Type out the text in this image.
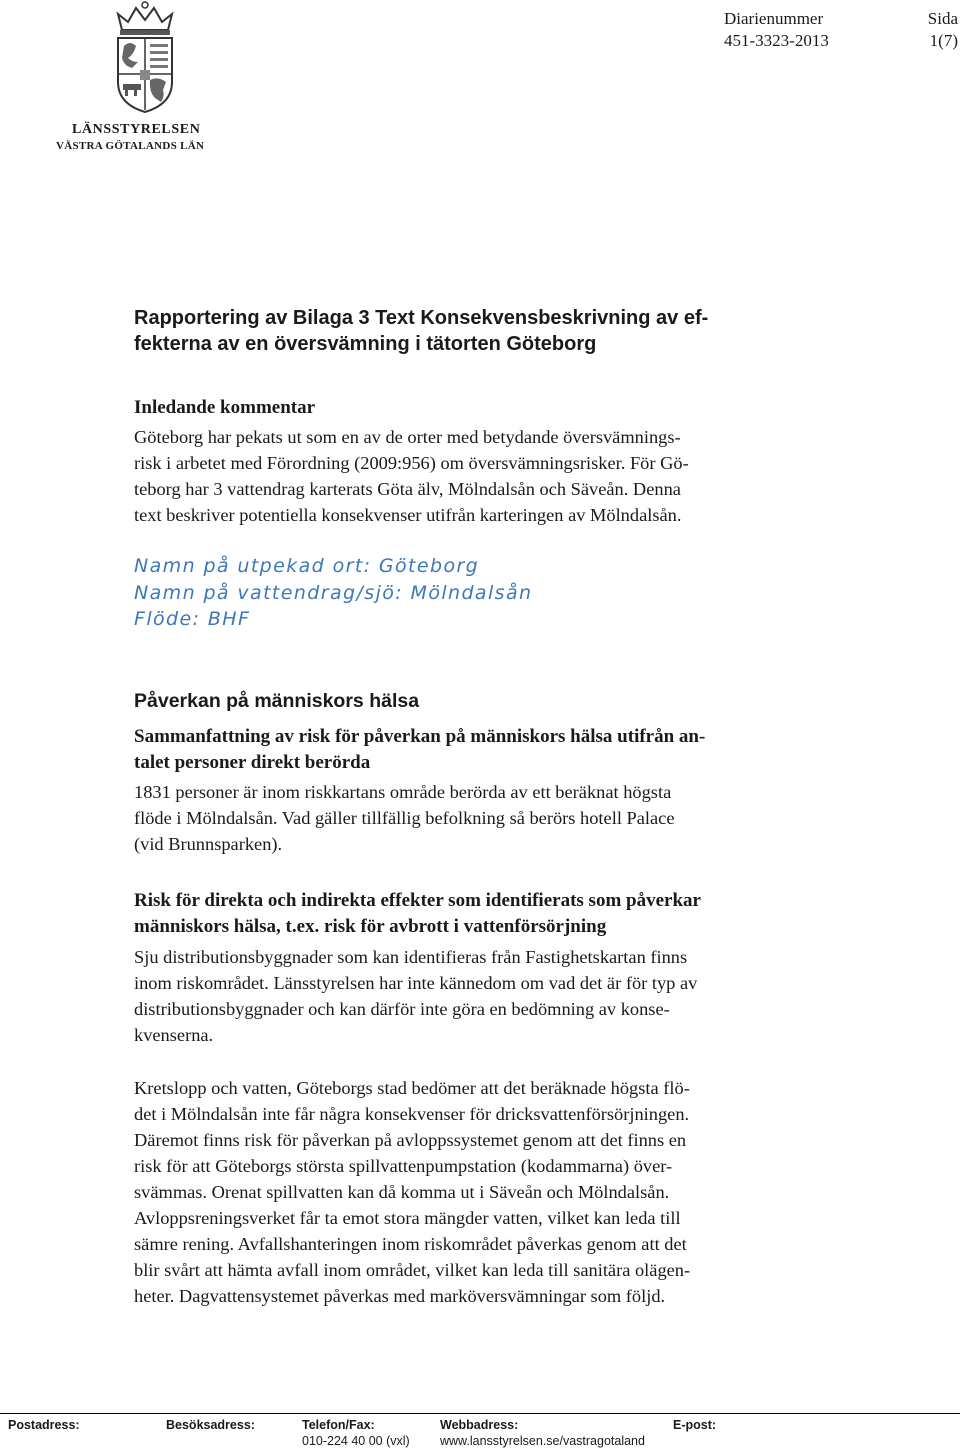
LÄNSSTYRELSEN
VÄSTRA GÖTALANDS LÄN
Diarienummer
451-3323-2013
Sida
1(7)
Rapportering av Bilaga 3 Text Konsekvensbeskrivning av ef-
fekterna av en översvämning i tätorten Göteborg
Inledande kommentar

Göteborg har pekats ut som en av de orter med betydande översvämnings-

risk i arbetet med Förordning (2009:956) om översvämningsrisker. För Gö-

teborg har 3 vattendrag karterats Göta älv, Mölndalsån och Säveån. Denna

text beskriver potentiella konsekvenser utifrån karteringen av Mölndalsån.

Namn på utpekad ort: Göteborg
Namn på vattendrag/sjö: Mölndalsån
Flöde: BHF
Påverkan på människors hälsa
Sammanfattning av risk för påverkan på människors hälsa utifrån an-
talet personer direkt berörda

1831 personer är inom riskkartans område berörda av ett beräknat högsta

flöde i Mölndalsån. Vad gäller tillfällig befolkning så berörs hotell Palace

(vid Brunnsparken).

Risk för direkta och indirekta effekter som identifierats som påverkar
människors hälsa, t.ex. risk för avbrott i vattenförsörjning

Sju distributionsbyggnader som kan identifieras från Fastighetskartan finns

inom riskområdet. Länsstyrelsen har inte kännedom om vad det är för typ av

distributionsbyggnader och kan därför inte göra en bedömning av konse-

kvenserna.

Kretslopp och vatten, Göteborgs stad bedömer att det beräknade högsta flö-

det i Mölndalsån inte får några konsekvenser för dricksvattenförsörjningen.

Däremot finns risk för påverkan på avloppssystemet genom att det finns en

risk för att Göteborgs största spillvattenpumpstation (kodammarna) över-

svämmas. Orenat spillvatten kan då komma ut i Säveån och Mölndalsån.

Avloppsreningsverket får ta emot stora mängder vatten, vilket kan leda till

sämre rening. Avfallshanteringen inom riskområdet påverkas genom att det

blir svårt att hämta avfall inom området, vilket kan leda till sanitära olägen-

heter. Dagvattensystemet påverkas med marköversvämningar som följd.

Postadress:	Besöksadress:	Telefon/Fax:
010-224 40 00 (vxl)
Webbadress:
www.lansstyrelsen.se/vastragotaland
E-post:
